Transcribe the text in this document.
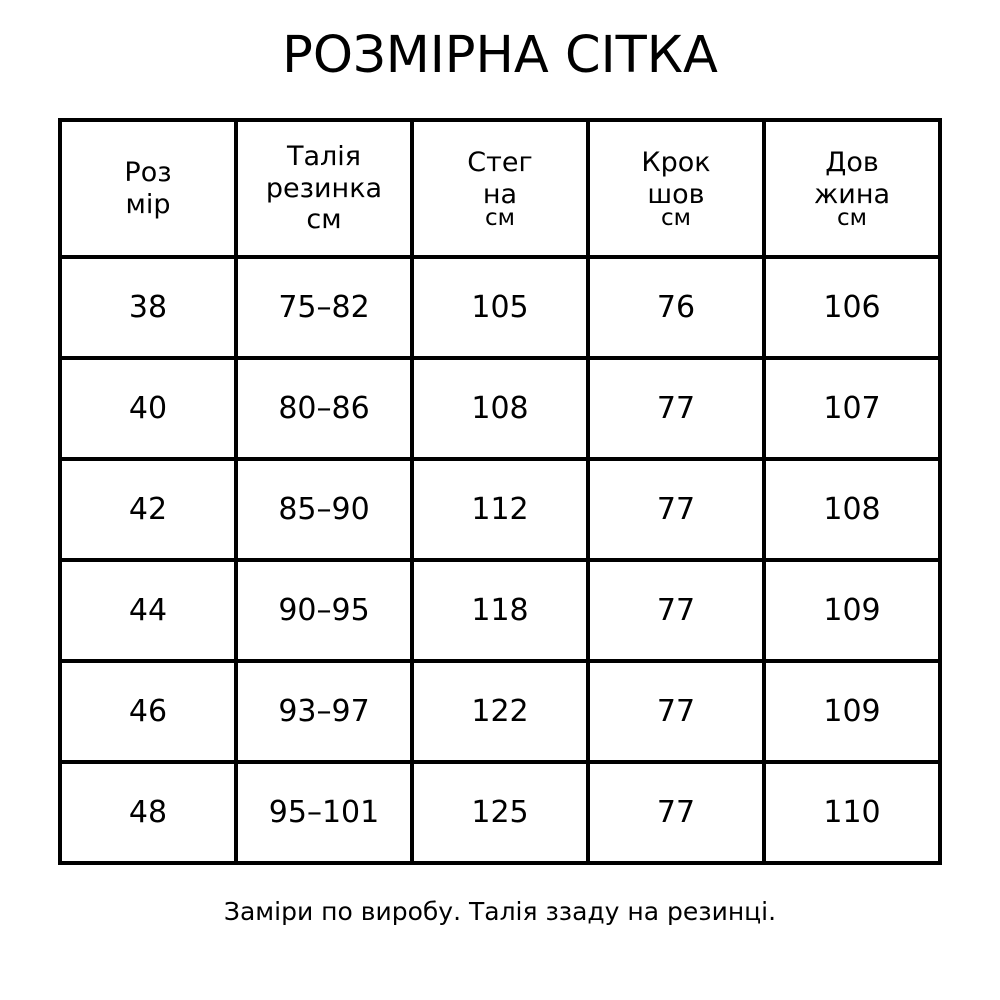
РОЗМІРНА СІТКА
Роз
мір	Талія
резинка
см	Стег
на
см	Крок
шов
см	Дов
жина
см

38	75–82	105	76	106
40	80–86	108	77	107
42	85–90	112	77	108
44	90–95	118	77	109
46	93–97	122	77	109
48	95–101	125	77	110
Заміри по виробу. Талія ззаду на резинці.
